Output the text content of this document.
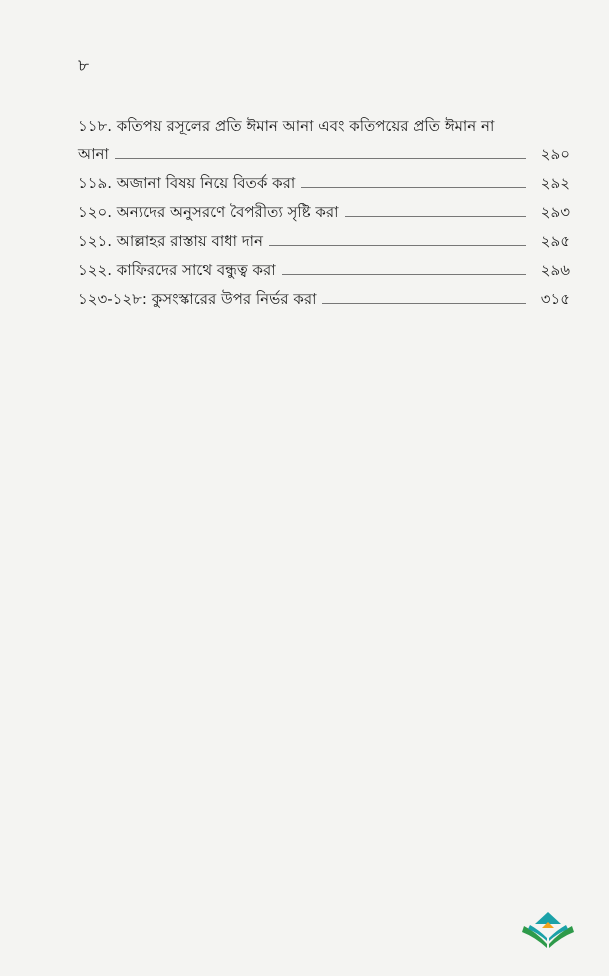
৮
১১৮. কতিপয় রসূলের প্রতি ঈমান আনা এবং কতিপয়ের প্রতি ঈমান না
আনা	২৯০
১১৯. অজানা বিষয় নিয়ে বিতর্ক করা	২৯২
১২০. অন্যদের অনুসরণে বৈপরীত্য সৃষ্টি করা	২৯৩
১২১. আল্লাহর রাস্তায় বাধা দান	২৯৫
১২২. কাফিরদের সাথে বন্ধুত্ব করা	২৯৬
১২৩-১২৮: কুসংস্কারের উপর নির্ভর করা	৩১৫
